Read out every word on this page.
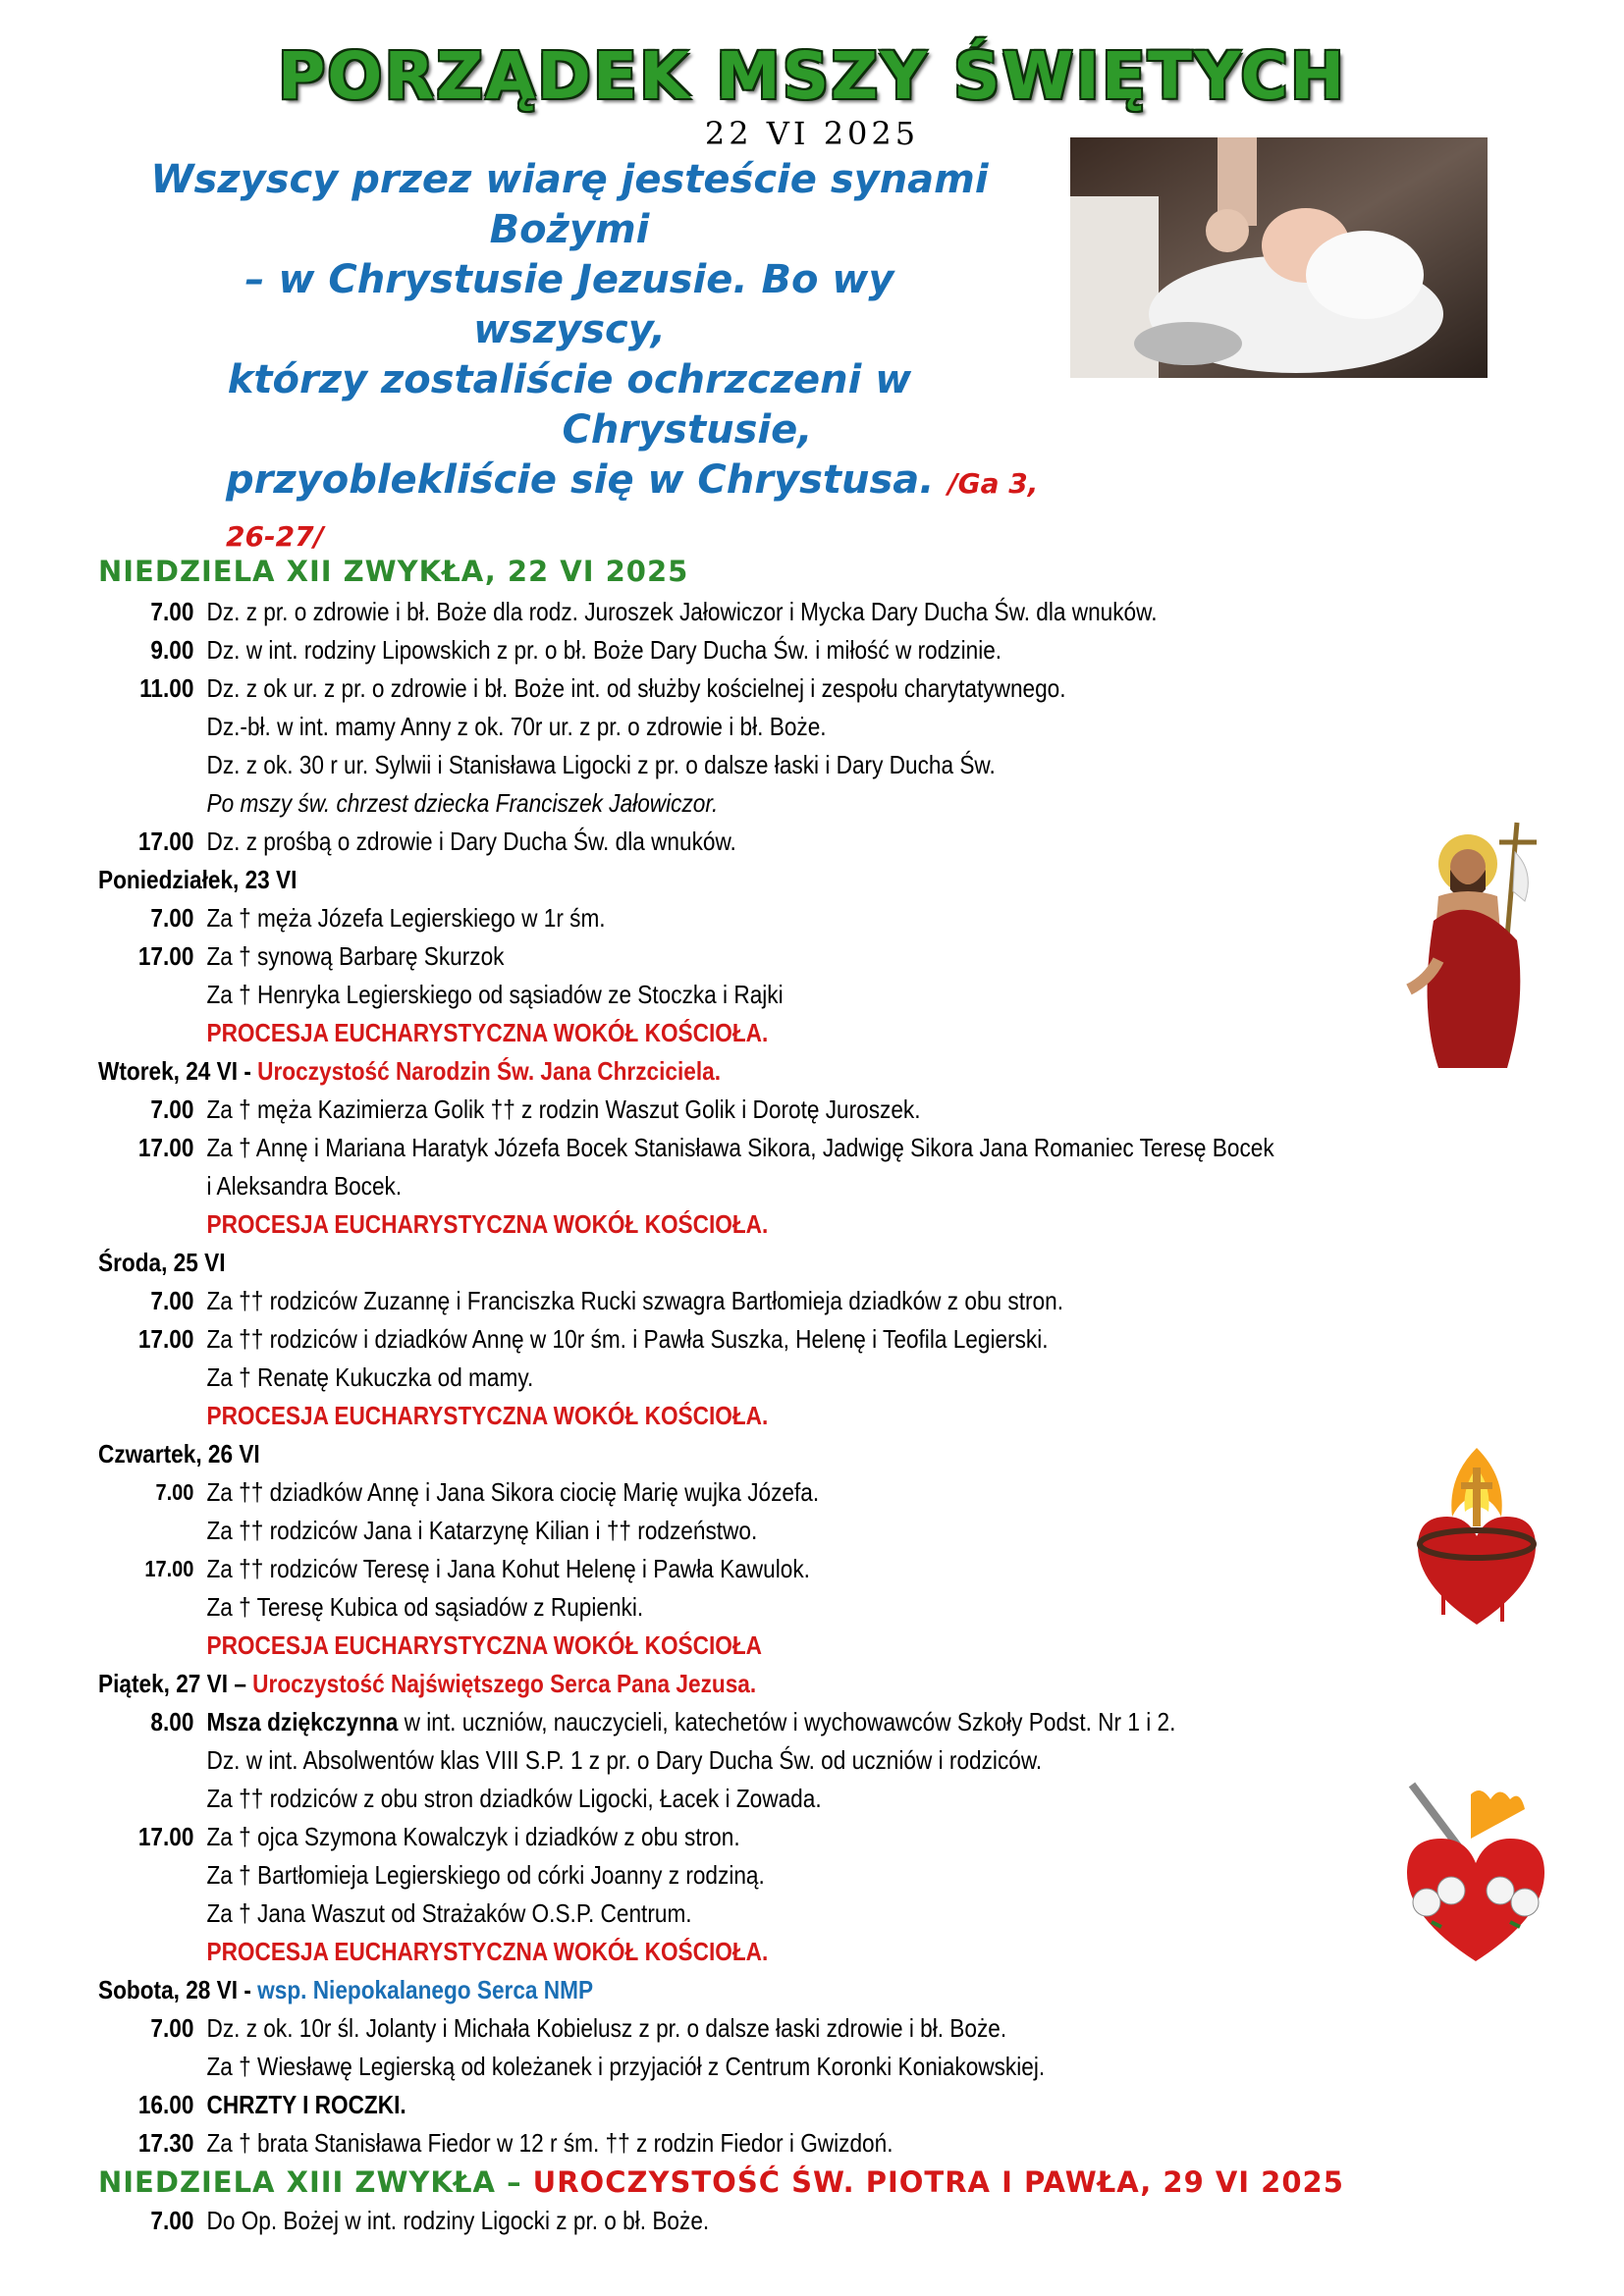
PORZĄDEK MSZY ŚWIĘTYCH
22 VI 2025
Wszyscy przez wiarę jesteście synami
Bożymi
– w Chrystusie Jezusie. Bo wy
wszyscy,
którzy zostaliście ochrzczeni w
Chrystusie,
przyoblekliście się w Chrystusa. /Ga 3, 26-27/
NIEDZIELA XII ZWYKŁA, 22 VI 2025
7.00 Dz. z pr. o zdrowie i bł. Boże dla rodz. Juroszek Jałowiczor i Mycka Dary Ducha Św. dla wnuków.
9.00 Dz. w int. rodziny Lipowskich z pr. o bł. Boże Dary Ducha Św. i miłość w rodzinie.
11.00 Dz. z ok ur. z pr. o zdrowie i bł. Boże int. od służby kościelnej i zespołu charytatywnego.
Dz.-bł. w int. mamy Anny z ok. 70r ur. z pr. o zdrowie i bł. Boże.
Dz. z ok. 30 r ur. Sylwii i Stanisława Ligocki z pr. o dalsze łaski i Dary Ducha Św.
Po mszy św. chrzest dziecka Franciszek Jałowiczor.
17.00 Dz. z prośbą o zdrowie i Dary Ducha Św. dla wnuków.
Poniedziałek, 23 VI
7.00 Za † męża Józefa Legierskiego w 1r śm.
17.00 Za † synową Barbarę Skurzok
Za † Henryka Legierskiego od sąsiadów ze Stoczka i Rajki
PROCESJA EUCHARYSTYCZNA WOKÓŁ KOŚCIOŁA.
Wtorek, 24 VI - Uroczystość Narodzin Św. Jana Chrzciciela.
7.00 Za † męża Kazimierza Golik †† z rodzin Waszut Golik i Dorotę Juroszek.
17.00 Za † Annę i Mariana Haratyk Józefa Bocek Stanisława Sikora, Jadwigę Sikora Jana Romaniec Teresę Bocek
i Aleksandra Bocek.
PROCESJA EUCHARYSTYCZNA WOKÓŁ KOŚCIOŁA.
Środa, 25 VI
7.00 Za †† rodziców Zuzannę i Franciszka Rucki szwagra Bartłomieja dziadków z obu stron.
17.00 Za †† rodziców i dziadków Annę w 10r śm. i Pawła Suszka, Helenę i Teofila Legierski.
Za † Renatę Kukuczka od mamy.
PROCESJA EUCHARYSTYCZNA WOKÓŁ KOŚCIOŁA.
Czwartek, 26 VI
7.00 Za †† dziadków Annę i Jana Sikora ciocię Marię wujka Józefa.
Za †† rodziców Jana i Katarzynę Kilian i †† rodzeństwo.
17.00 Za †† rodziców Teresę i Jana Kohut Helenę i Pawła Kawulok.
Za † Teresę Kubica od sąsiadów z Rupienki.
PROCESJA EUCHARYSTYCZNA WOKÓŁ KOŚCIOŁA
Piątek, 27 VI – Uroczystość Najświętszego Serca Pana Jezusa.
8.00 Msza dziękczynna w int. uczniów, nauczycieli, katechetów i wychowawców Szkoły Podst. Nr 1 i 2.
Dz. w int. Absolwentów klas VIII S.P. 1 z pr. o Dary Ducha Św. od uczniów i rodziców.
Za †† rodziców z obu stron dziadków Ligocki, Łacek i Zowada.
17.00 Za † ojca Szymona Kowalczyk i dziadków z obu stron.
Za † Bartłomieja Legierskiego od córki Joanny z rodziną.
Za † Jana Waszut od Strażaków O.S.P. Centrum.
PROCESJA EUCHARYSTYCZNA WOKÓŁ KOŚCIOŁA.
Sobota, 28 VI - wsp. Niepokalanego Serca NMP
7.00 Dz. z ok. 10r śl. Jolanty i Michała Kobielusz z pr. o dalsze łaski zdrowie i bł. Boże.
Za † Wiesławę Legierską od koleżanek i przyjaciół z Centrum Koronki Koniakowskiej.
16.00 CHRZTY I ROCZKI.
17.30 Za † brata Stanisława Fiedor w 12 r śm. †† z rodzin Fiedor i Gwizdoń.
NIEDZIELA XIII ZWYKŁA – UROCZYSTOŚĆ ŚW. PIOTRA I PAWŁA, 29 VI 2025
7.00 Do Op. Bożej w int. rodziny Ligocki z pr. o bł. Boże.
